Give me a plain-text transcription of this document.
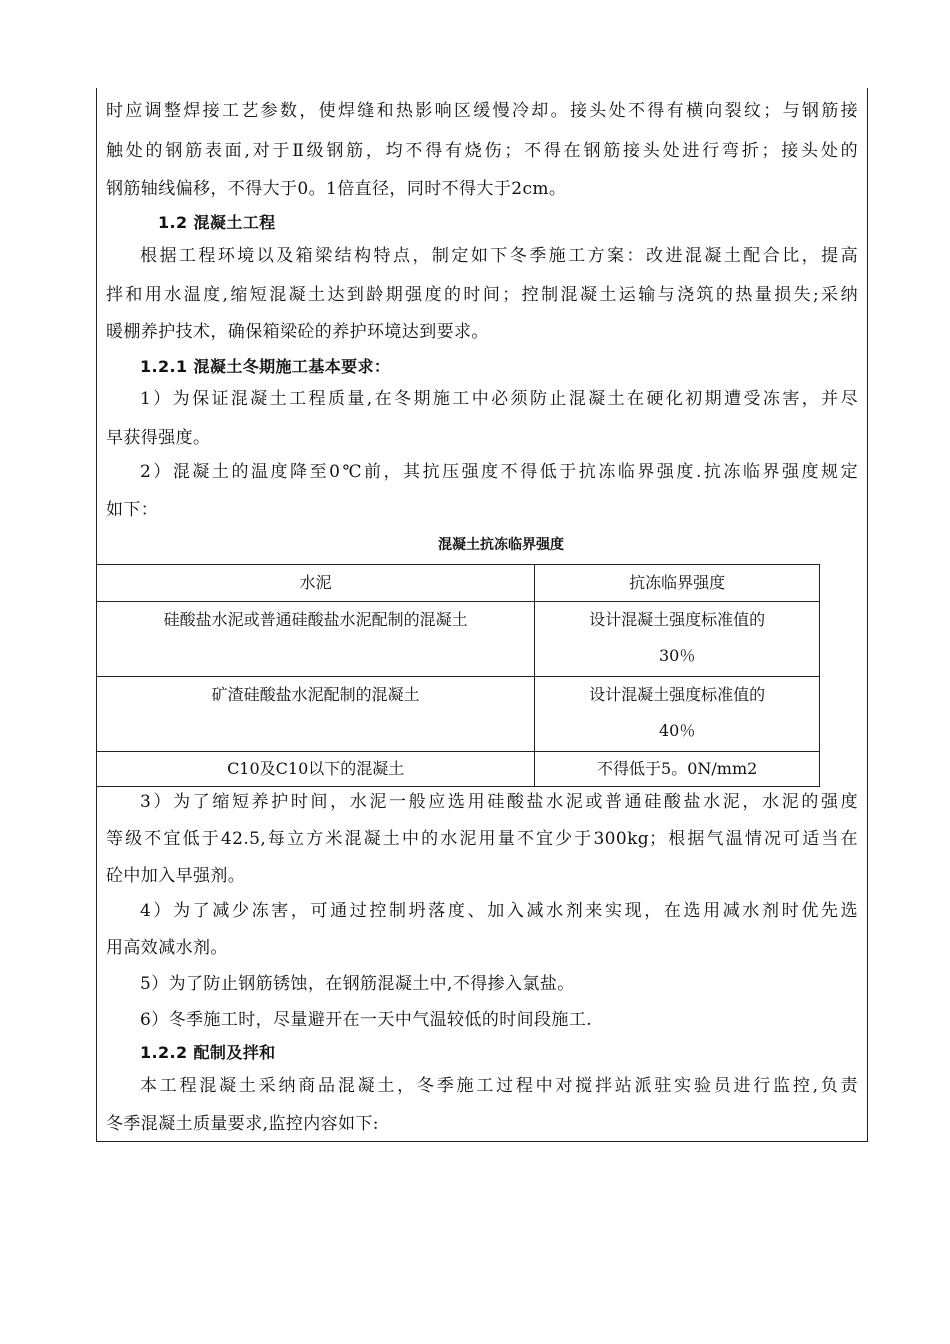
时应调整焊接工艺参数，使焊缝和热影响区缓慢冷却。接头处不得有横向裂纹；与钢筋接
触处的钢筋表面,对于Ⅱ级钢筋，均不得有烧伤；不得在钢筋接头处进行弯折；接头处的
钢筋轴线偏移，不得大于0。1倍直径，同时不得大于2cm。
1.2 混凝土工程
根据工程环境以及箱梁结构特点，制定如下冬季施工方案：改进混凝土配合比，提高
拌和用水温度,缩短混凝土达到龄期强度的时间；控制混凝土运输与浇筑的热量损失;采纳
暖棚养护技术，确保箱梁砼的养护环境达到要求。
1.2.1 混凝土冬期施工基本要求：
1）为保证混凝土工程质量,在冬期施工中必须防止混凝土在硬化初期遭受冻害，并尽
早获得强度。
2）混凝土的温度降至0℃前，其抗压强度不得低于抗冻临界强度.抗冻临界强度规定
如下：
混凝土抗冻临界强度
水泥	抗冻临界强度
硅酸盐水泥或普通硅酸盐水泥配制的混凝土	设计混凝土强度标准值的
30％

矿渣硅酸盐水泥配制的混凝土	设计混凝土强度标准值的
40％

C10及C10以下的混凝土	不得低于5。0N/mm2
3）为了缩短养护时间，水泥一般应选用硅酸盐水泥或普通硅酸盐水泥，水泥的强度
等级不宜低于42.5,每立方米混凝土中的水泥用量不宜少于300kg；根据气温情况可适当在
砼中加入早强剂。
4）为了减少冻害，可通过控制坍落度、加入减水剂来实现，在选用减水剂时优先选
用高效减水剂。
5）为了防止钢筋锈蚀，在钢筋混凝土中,不得掺入氯盐。
6）冬季施工时，尽量避开在一天中气温较低的时间段施工.
1.2.2 配制及拌和
本工程混凝土采纳商品混凝土，冬季施工过程中对搅拌站派驻实验员进行监控,负责
冬季混凝土质量要求,监控内容如下:
